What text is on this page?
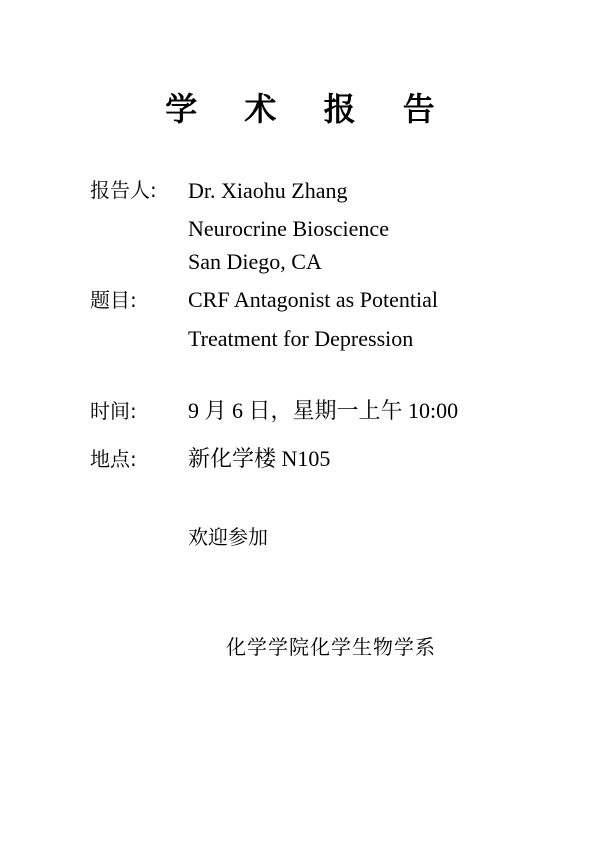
学 术 报 告
报告人: Dr. Xiaohu Zhang
Neurocrine Bioscience
San Diego, CA
题目: CRF Antagonist as Potential
Treatment for Depression
时间: 9 月 6 日，星期一上午 10:00
地点: 新化学楼 N105
欢迎参加
化学学院化学生物学系
